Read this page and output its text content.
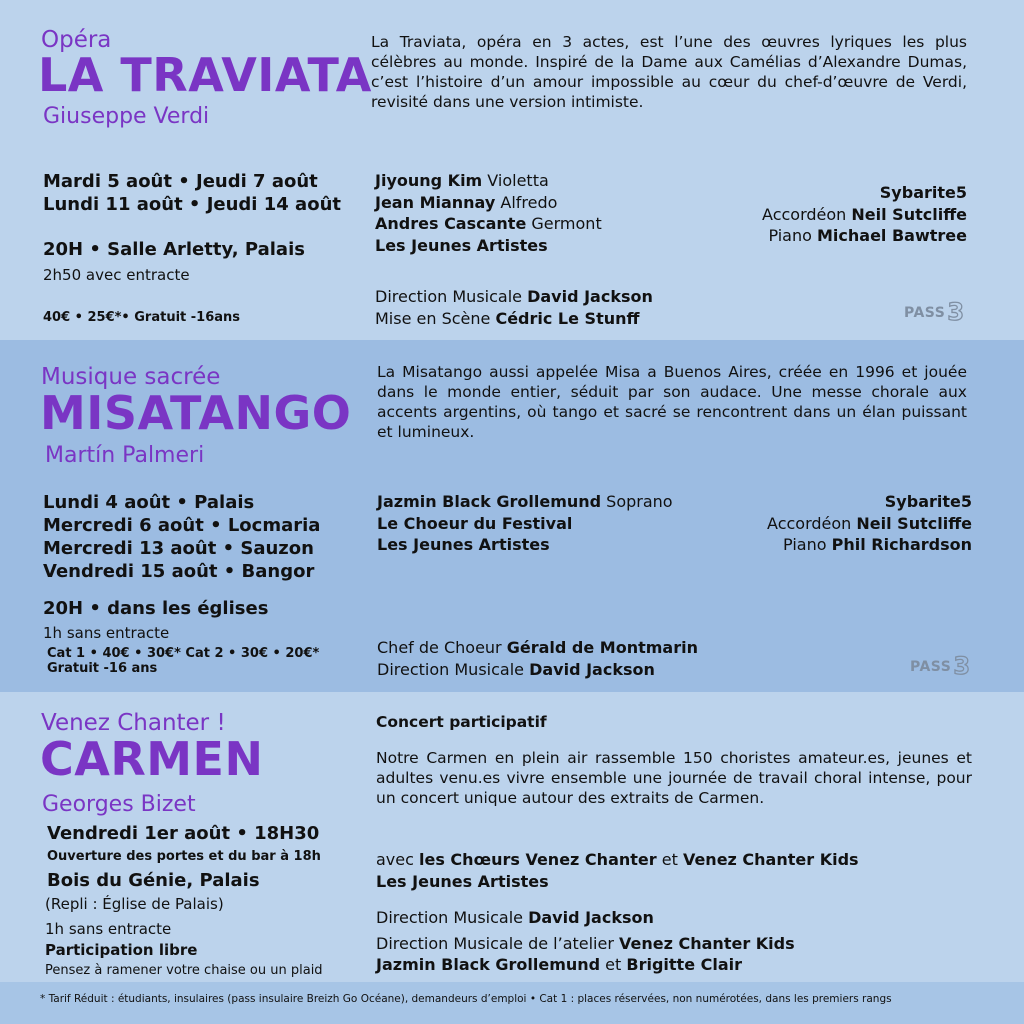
Opéra
LA TRAVIATA
Giuseppe Verdi
La Traviata, opéra en 3 actes, est l’une des œuvres lyriques les plus célèbres au monde. Inspiré de la Dame aux Camélias d’Alexandre Dumas, c’est l’histoire d’un amour impossible au cœur du chef-d’œuvre de Verdi, revisité dans une version intimiste.
Mardi 5 août • Jeudi 7 août
Lundi 11 août • Jeudi 14 août
20H • Salle Arletty, Palais
2h50 avec entracte
40€ • 25€*• Gratuit -16ans
Jiyoung Kim Violetta
Jean Miannay Alfredo
Andres Cascante Germont
Les Jeunes Artistes
Sybarite5
Accordéon Neil Sutcliffe
Piano Michael Bawtree
Direction Musicale David Jackson
Mise en Scène Cédric Le Stunff	PASS3
Musique sacrée
MISATANGO
Martín Palmeri
La Misatango aussi appelée Misa a Buenos Aires, créée en 1996 et jouée dans le monde entier, séduit par son audace. Une messe chorale aux accents argentins, où tango et sacré se rencontrent dans un élan puissant et lumineux.
Lundi 4 août • Palais
Mercredi 6 août • Locmaria
Mercredi 13 août • Sauzon
Vendredi 15 août • Bangor
20H • dans les églises
1h sans entracte
Cat 1 • 40€ • 30€* Cat 2 • 30€ • 20€*
Gratuit -16 ans
Jazmin Black Grollemund Soprano
Le Choeur du Festival
Les Jeunes Artistes
Sybarite5
Accordéon Neil Sutcliffe
Piano Phil Richardson
Chef de Choeur Gérald de Montmarin
Direction Musicale David Jackson	PASS3
Venez Chanter !
CARMEN
Georges Bizet
Vendredi 1er août • 18H30
Ouverture des portes et du bar à 18h
Bois du Génie, Palais
(Repli : Église de Palais)
1h sans entracte
Participation libre
Pensez à ramener votre chaise ou un plaid
Concert participatif
Notre Carmen en plein air rassemble 150 choristes amateur.es, jeunes et adultes venu.es vivre ensemble une journée de travail choral intense, pour un concert unique autour des extraits de Carmen.
avec les Chœurs Venez Chanter et Venez Chanter Kids
Les Jeunes Artistes
Direction Musicale David Jackson
Direction Musicale de l’atelier Venez Chanter Kids
Jazmin Black Grollemund et Brigitte Clair
* Tarif Réduit : étudiants, insulaires (pass insulaire Breizh Go Océane), demandeurs d’emploi • Cat 1 : places réservées, non numérotées, dans les premiers rangs
